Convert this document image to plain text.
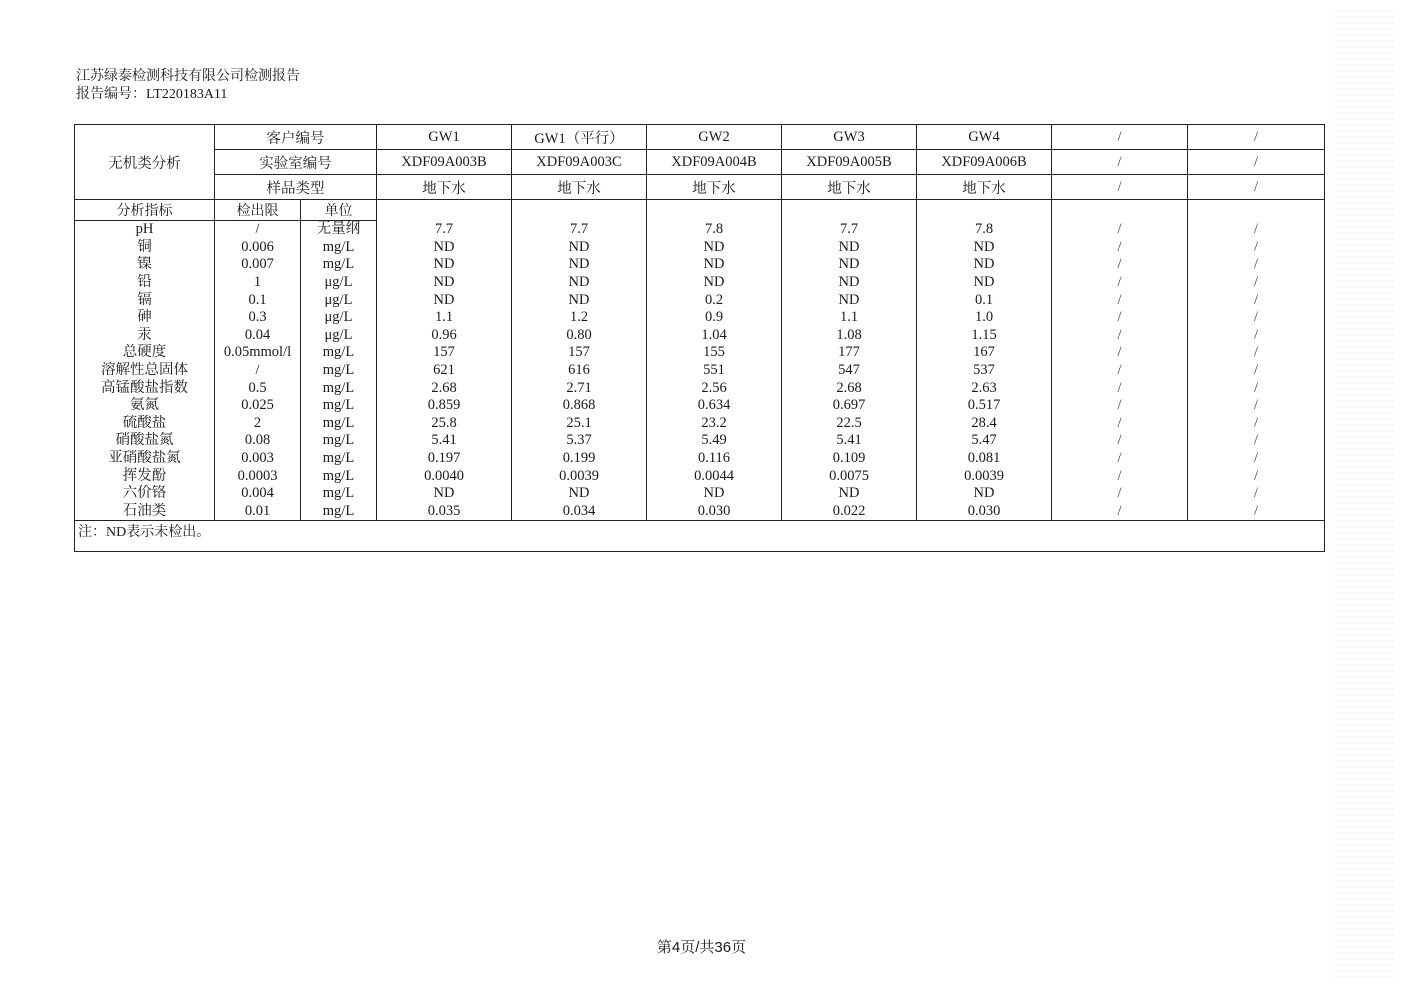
江苏绿泰检测科技有限公司检测报告
报告编号：LT220183A11
无机类分析	客户编号		GW1	GW1（平行）	GW2	GW3	GW4	/	/
	实验室编号		XDF09A003B	XDF09A003C	XDF09A004B	XDF09A005B	XDF09A006B	/	/
	样品类型		地下水	地下水	地下水	地下水	地下水	/	/
分析指标	检出限	单位							
pH	/	无量纲	7.7	7.7	7.8	7.7	7.8	/	/
铜	0.006	mg/L	ND	ND	ND	ND	ND	/	/
镍	0.007	mg/L	ND	ND	ND	ND	ND	/	/
铅	1	μg/L	ND	ND	ND	ND	ND	/	/
镉	0.1	μg/L	ND	ND	0.2	ND	0.1	/	/
砷	0.3	μg/L	1.1	1.2	0.9	1.1	1.0	/	/
汞	0.04	μg/L	0.96	0.80	1.04	1.08	1.15	/	/
总硬度	0.05mmol/l	mg/L	157	157	155	177	167	/	/
溶解性总固体	/	mg/L	621	616	551	547	537	/	/
高锰酸盐指数	0.5	mg/L	2.68	2.71	2.56	2.68	2.63	/	/
氨氮	0.025	mg/L	0.859	0.868	0.634	0.697	0.517	/	/
硫酸盐	2	mg/L	25.8	25.1	23.2	22.5	28.4	/	/
硝酸盐氮	0.08	mg/L	5.41	5.37	5.49	5.41	5.47	/	/
亚硝酸盐氮	0.003	mg/L	0.197	0.199	0.116	0.109	0.081	/	/
挥发酚	0.0003	mg/L	0.0040	0.0039	0.0044	0.0075	0.0039	/	/
六价铬	0.004	mg/L	ND	ND	ND	ND	ND	/	/
石油类	0.01	mg/L	0.035	0.034	0.030	0.022	0.030	/	/
注：ND表示未检出。									
第4页/共36页
